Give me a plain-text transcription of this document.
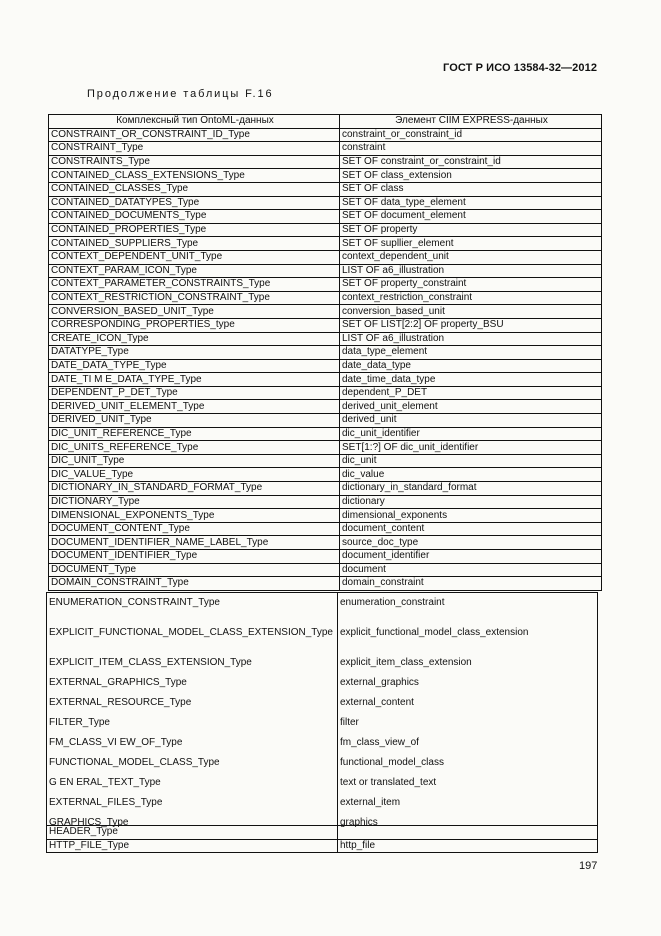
ГОСТ Р ИСО 13584-32—2012
Продолжение таблицы F.16
Комплексный тип OntoML-данных	Элемент CIIM EXPRESS-данных
CONSTRAINT_OR_CONSTRAINT_ID_Type	constraint_or_constraint_id
CONSTRAINT_Type	constraint
CONSTRAINTS_Type	SET OF constraint_or_constraint_id
CONTAINED_CLASS_EXTENSIONS_Type	SET OF class_extension
CONTAINED_CLASSES_Type	SET OF class
CONTAINED_DATATYPES_Type	SET OF data_type_element
CONTAINED_DOCUMENTS_Type	SET OF document_element
CONTAINED_PROPERTIES_Type	SET OF property
CONTAINED_SUPPLIERS_Type	SET OF supllier_element
CONTEXT_DEPENDENT_UNIT_Type	context_dependent_unit
CONTEXT_PARAM_ICON_Type	LIST OF a6_illustration
CONTEXT_PARAMETER_CONSTRAINTS_Type	SET OF property_constraint
CONTEXT_RESTRICTION_CONSTRAINT_Type	context_restriction_constraint
CONVERSION_BASED_UNIT_Type	conversion_based_unit
CORRESPONDING_PROPERTIES_type	SET OF LIST[2:2] OF property_BSU
CREATE_ICON_Type	LIST OF a6_illustration
DATATYPE_Type	data_type_element
DATE_DATA_TYPE_Type	date_data_type
DATE_TI M E_DATA_TYPE_Type	date_time_data_type
DEPENDENT_P_DET_Type	dependent_P_DET
DERIVED_UNIT_ELEMENT_Type	derived_unit_element
DERIVED_UNIT_Type	derived_unit
DIC_UNIT_REFERENCE_Type	dic_unit_identifier
DIC_UNITS_REFERENCE_Type	SET[1:?] OF dic_unit_identifier
DIC_UNIT_Type	dic_unit
DIC_VALUE_Type	dic_value
DICTIONARY_IN_STANDARD_FORMAT_Type	dictionary_in_standard_format
DICTIONARY_Type	dictionary
DIMENSIONAL_EXPONENTS_Type	dimensional_exponents
DOCUMENT_CONTENT_Type	document_content
DOCUMENT_IDENTIFIER_NAME_LABEL_Type	source_doc_type
DOCUMENT_IDENTIFIER_Type	document_identifier
DOCUMENT_Type	document
DOMAIN_CONSTRAINT_Type	domain_constraint
ENUMERATION_CONSTRAINT_Type	enumeration_constraint
EXPLICIT_FUNCTIONAL_MODEL_CLASS_EXTENSION_Type	explicit_functional_model_class_extension
EXPLICIT_ITEM_CLASS_EXTENSION_Type	explicit_item_class_extension
EXTERNAL_GRAPHICS_Type	external_graphics
EXTERNAL_RESOURCE_Type	external_content
FILTER_Type	filter
FM_CLASS_VI EW_OF_Type	fm_class_view_of
FUNCTIONAL_MODEL_CLASS_Type	functional_model_class
G EN ERAL_TEXT_Type	text or translated_text
EXTERNAL_FILES_Type	external_item
GRAPHICS_Type	graphics
HEADER_Type	
HTTP_FILE_Type	http_file
197
